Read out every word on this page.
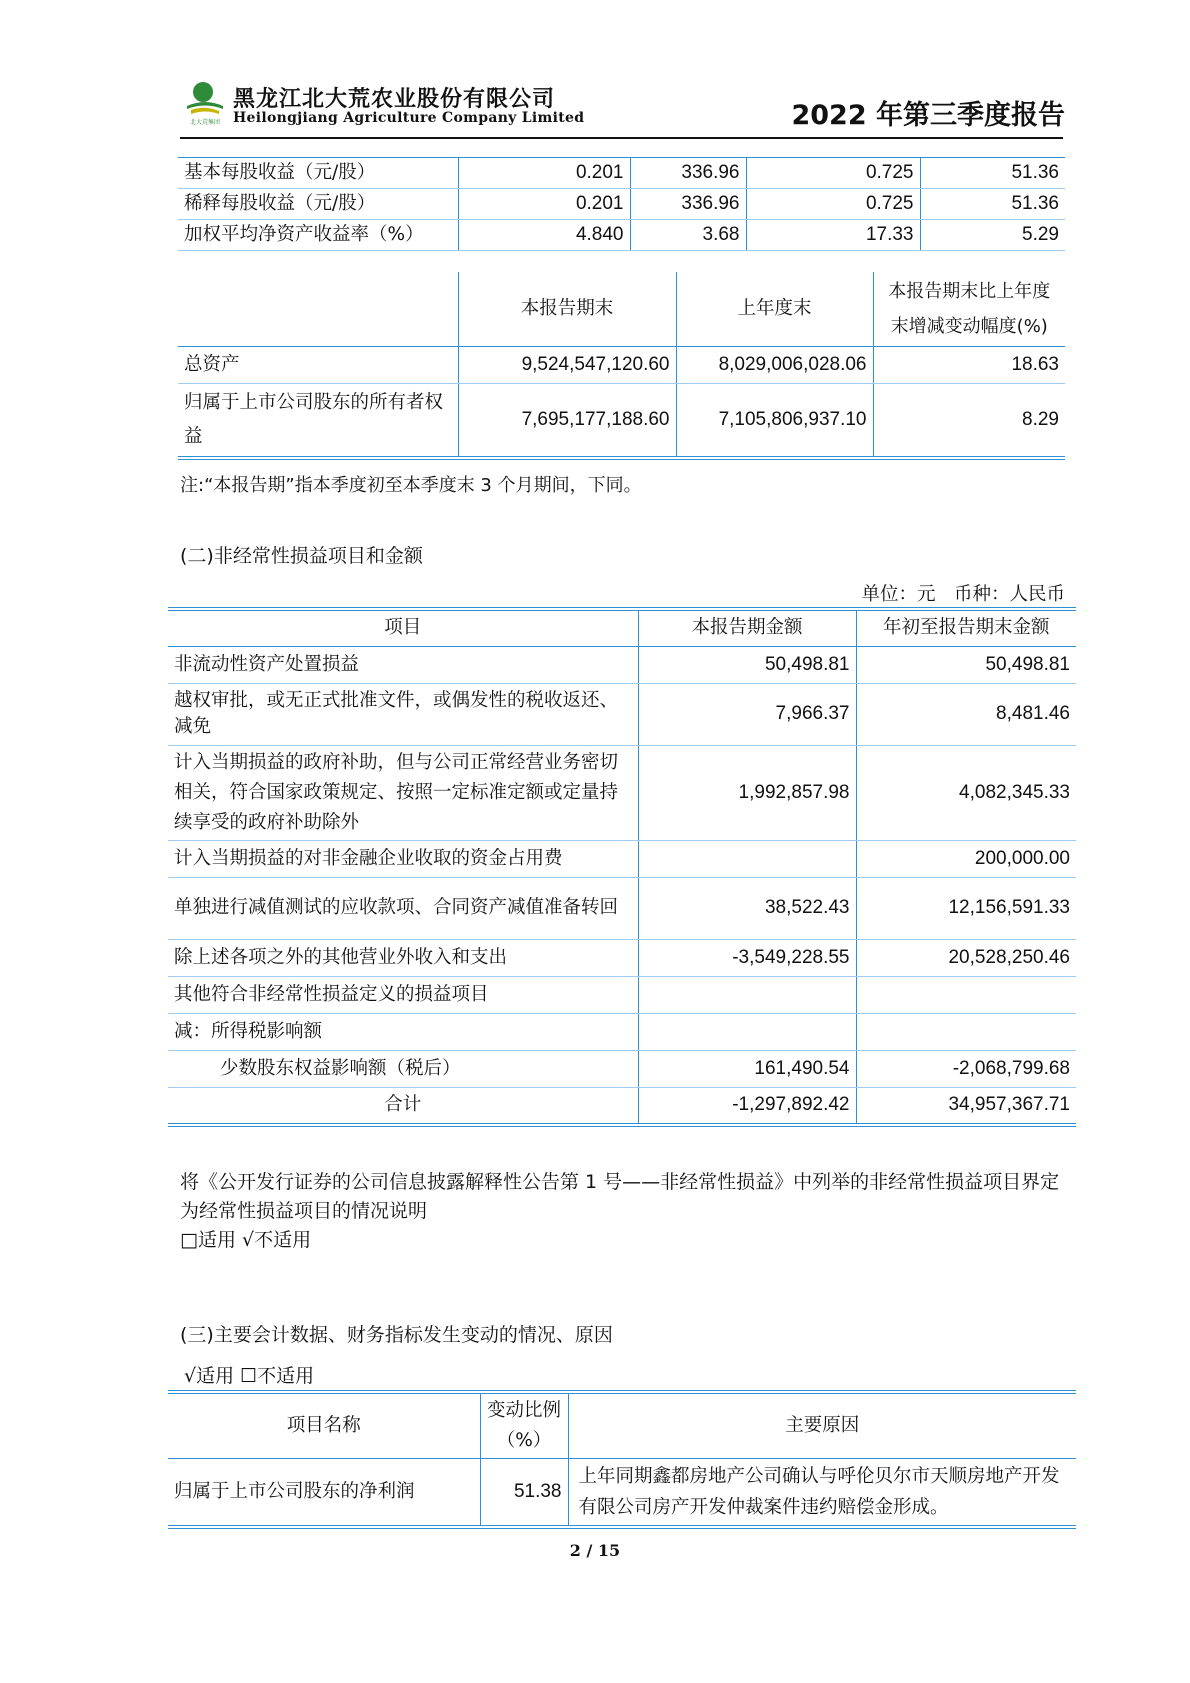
北大荒集团
黑龙江北大荒农业股份有限公司
Heilongjiang Agriculture Company Limited	2022 年第三季度报告
基本每股收益（元/股）	0.201	336.96	0.725	51.36
稀释每股收益（元/股）	0.201	336.96	0.725	51.36
加权平均净资产收益率（%）	4.840	3.68	17.33	5.29
	本报告期末	上年度末	本报告期末比上年度
末增减变动幅度(%)

总资产	9,524,547,120.60	8,029,006,028.06	18.63
归属于上市公司股东的所有者权益	7,695,177,188.60	7,105,806,937.10	8.29
注:“本报告期”指本季度初至本季度末 3 个月期间，下同。
(二)非经常性损益项目和金额
单位：元　币种：人民币
项目	本报告期金额	年初至报告期末金额
非流动性资产处置损益	50,498.81	50,498.81
越权审批，或无正式批准文件，或偶发性的税收返还、减免	7,966.37	8,481.46
计入当期损益的政府补助，但与公司正常经营业务密切相关，符合国家政策规定、按照一定标准定额或定量持续享受的政府补助除外	1,992,857.98	4,082,345.33
计入当期损益的对非金融企业收取的资金占用费		200,000.00
单独进行减值测试的应收款项、合同资产减值准备转回	38,522.43	12,156,591.33
除上述各项之外的其他营业外收入和支出	-3,549,228.55	20,528,250.46
其他符合非经常性损益定义的损益项目		
减：所得税影响额		
少数股东权益影响额（税后）	161,490.54	-2,068,799.68
合计	-1,297,892.42	34,957,367.71
将《公开发行证券的公司信息披露解释性公告第 1 号——非经常性损益》中列举的非经常性损益项目界定为经常性损益项目的情况说明
□适用 √不适用
(三)主要会计数据、财务指标发生变动的情况、原因
√适用 ☐不适用
项目名称	变动比例（%）	主要原因
归属于上市公司股东的净利润	51.38	上年同期鑫都房地产公司确认与呼伦贝尔市天顺房地产开发有限公司房产开发仲裁案件违约赔偿金形成。
2 / 15
